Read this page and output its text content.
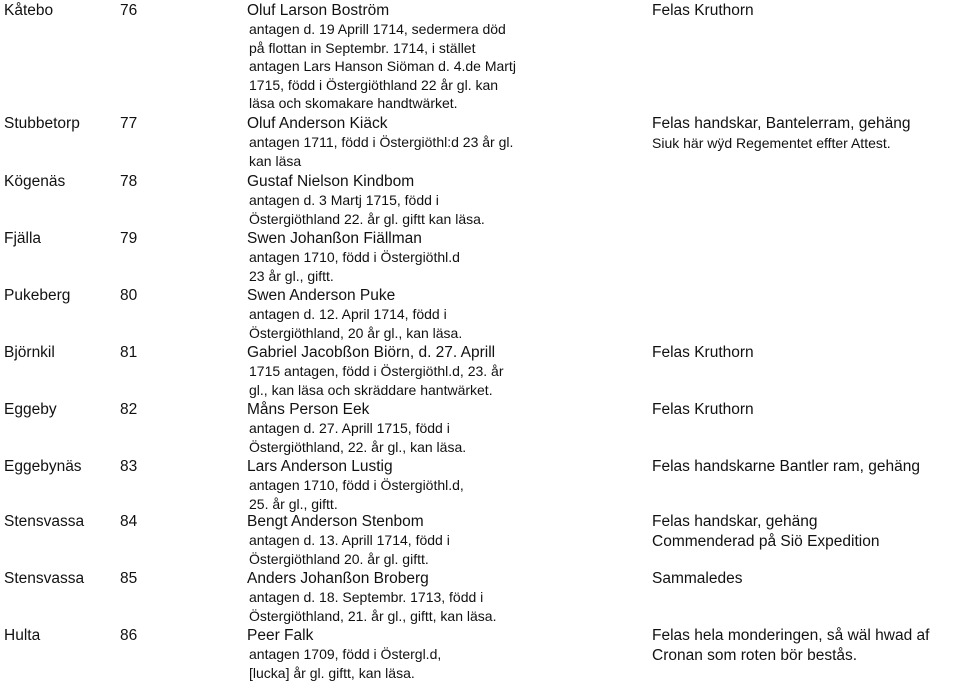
Kåtebo	76	Oluf Larson Boström
antagen d. 19 Aprill 1714, sedermera död
på flottan in Septembr. 1714, i stället
antagen Lars Hanson Siöman d. 4.de Martj
1715, född i Östergiöthland 22 år gl. kan
läsa och skomakare handtwärket.
Felas Kruthorn
Stubbetorp	77	Oluf Anderson Kiäck
antagen 1711, född i Östergiöthl:d 23 år gl.
kan läsa
Felas handskar, Bantelerram, gehäng
Siuk här wÿd Regementet effter Attest.
Kögenäs	78	Gustaf Nielson Kindbom
antagen d. 3 Martj 1715, född i
Östergiöthland 22. år gl. giftt kan läsa.
Fjälla	79	Swen Johanßon Fiällman
antagen 1710, född i Östergiöthl.d
23 år gl., giftt.
Pukeberg	80	Swen Anderson Puke
antagen d. 12. April 1714, född i
Östergiöthland, 20 år gl., kan läsa.
Björnkil	81	Gabriel Jacobßon Biörn, d. 27. Aprill
1715 antagen, född i Östergiöthl.d, 23. år
gl., kan läsa och skräddare hantwärket.
Felas Kruthorn
Eggeby	82	Måns Person Eek
antagen d. 27. Aprill 1715, född i
Östergiöthland, 22. år gl., kan läsa.
Felas Kruthorn
Eggebynäs 83	Lars Anderson Lustig
antagen 1710, född i Östergiöthl.d,
25. år gl., giftt.
Felas handskarne Bantler ram, gehäng
Stensvassa 84	Bengt Anderson Stenbom
antagen d. 13. Aprill 1714, född i
Östergiöthland 20. år gl. giftt.
Felas handskar, gehäng
Commenderad på Siö Expedition
Stensvassa 85	Anders Johanßon Broberg
antagen d. 18. Septembr. 1713, född i
Östergiöthland, 21. år gl., giftt, kan läsa.
Sammaledes
Hulta	86	Peer Falk
antagen 1709, född i Östergl.d,
[lucka] år gl. giftt, kan läsa.
Felas hela monderingen, så wäl hwad af
Cronan som roten bör bestås.
